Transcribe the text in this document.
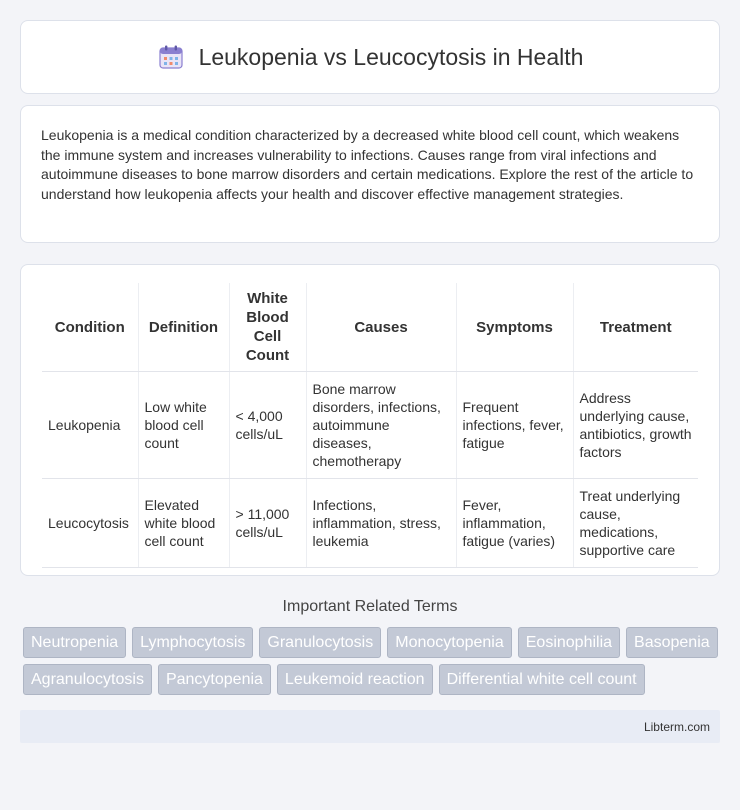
Leukopenia vs Leucocytosis in Health

Leukopenia is a medical condition characterized by a decreased white blood cell count, which weakens the immune system and increases vulnerability to infections. Causes range from viral infections and autoimmune diseases to bone marrow disorders and certain medications. Explore the rest of the article to understand how leukopenia affects your health and discover effective management strategies.

Condition	Definition	White Blood Cell Count	Causes	Symptoms	Treatment
Leukopenia	Low white blood cell count	< 4,000 cells/uL	Bone marrow disorders, infections, autoimmune diseases, chemotherapy	Frequent infections, fever, fatigue	Address underlying cause, antibiotics, growth factors
Leucocytosis	Elevated white blood cell count	> 11,000 cells/uL	Infections, inflammation, stress, leukemia	Fever, inflammation, fatigue (varies)	Treat underlying cause, medications, supportive care
Important Related Terms
Neutropenia	Lymphocytosis	Granulocytosis	Monocytopenia	Eosinophilia	Basopenia
Agranulocytosis	Pancytopenia	Leukemoid reaction	Differential white cell count
Libterm.com
